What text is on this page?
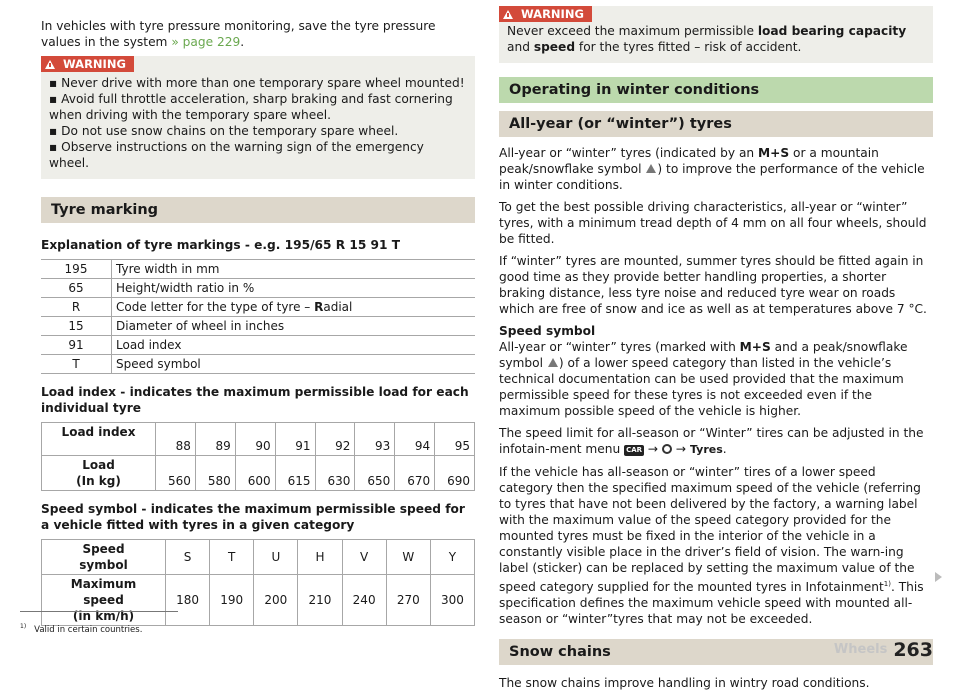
In vehicles with tyre pressure monitoring, save the tyre pressure values in the system » page 229.

WARNING
▪ Never drive with more than one temporary spare wheel mounted!
▪ Avoid full throttle acceleration, sharp braking and fast cornering when driving with the temporary spare wheel.
▪ Do not use snow chains on the temporary spare wheel.
▪ Observe instructions on the warning sign of the emergency wheel.
Tyre marking

Explanation of tyre markings - e.g. 195/65 R 15 91 T

195	Tyre width in mm
65	Height/width ratio in %
R	Code letter for the type of tyre – Radial
15	Diameter of wheel in inches
91	Load index
T	Speed symbol

Load index - indicates the maximum permissible load for each individual tyre

Load index	88	89	90	91	92	93	94	95
Load
(In kg)	560	580	600	615	630	650	670	690

Speed symbol - indicates the maximum permissible speed for a vehicle fitted with tyres in a given category

Speed
symbol	S	T	U	H	V	W	Y
Maximum
speed
(in km/h)	180	190	200	210	240	270	300
WARNING
Never exceed the maximum permissible load bearing capacity and speed for the tyres fitted – risk of accident.
Operating in winter conditions
All-year (or “winter”) tyres

All-year or “winter” tyres (indicated by an M+S or a mountain peak/snowflake symbol ) to improve the performance of the vehicle in winter conditions.

To get the best possible driving characteristics, all-year or “winter” tyres, with a minimum tread depth of 4 mm on all four wheels, should be fitted.

If “winter” tyres are mounted, summer tyres should be fitted again in good time as they provide better handling properties, a shorter braking distance, less tyre noise and reduced tyre wear on roads which are free of snow and ice as well as at temperatures above 7 °C.

Speed symbol
All-year or “winter” tyres (marked with M+S and a peak/snowflake symbol ) of a lower speed category than listed in the vehicle’s technical documentation can be used provided that the maximum permissible speed for these tyres is not exceeded even if the maximum possible speed of the vehicle is higher.

The speed limit for all-season or “Winter” tires can be adjusted in the infotain-ment menu CAR → → Tyres.

If the vehicle has all-season or “winter” tires of a lower speed category then the specified maximum speed of the vehicle (referring to tyres that have not been delivered by the factory, a warning label with the maximum value of the speed category provided for the mounted tyres must be fixed in the interior of the vehicle in a constantly visible place in the driver’s field of vision. The warn-ing label (sticker) can be replaced by setting the maximum value of the speed category supplied for the mounted tyres in Infotainment$^{1)}$. This specification defines the maximum vehicle speed with mounted all-season or “winter”tyres that may not be exceeded.

Snow chains

The snow chains improve handling in wintry road conditions.

$^{1)}$ Valid in certain countries.
Wheels 263
